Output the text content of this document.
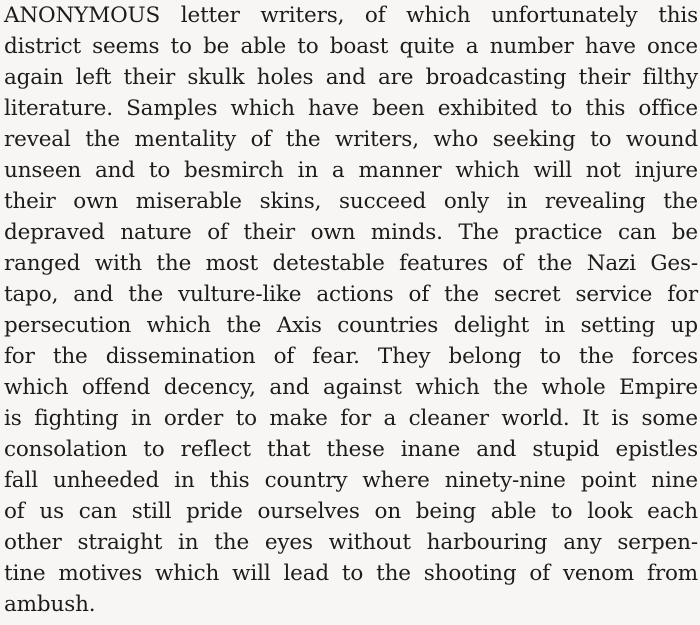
ANONYMOUS letter writers, of which unfortunately this
district seems to be able to boast quite a number have once
again left their skulk holes and are broadcasting their filthy
literature. Samples which have been exhibited to this office
reveal the mentality of the writers, who seeking to wound
unseen and to besmirch in a manner which will not injure
their own miserable skins, succeed only in revealing the
depraved nature of their own minds. The practice can be
ranged with the most detestable features of the Nazi Ges-
tapo, and the vulture-like actions of the secret service for
persecution which the Axis countries delight in setting up
for the dissemination of fear. They belong to the forces
which offend decency, and against which the whole Empire
is fighting in order to make for a cleaner world. It is some
consolation to reflect that these inane and stupid epistles
fall unheeded in this country where ninety-nine point nine
of us can still pride ourselves on being able to look each
other straight in the eyes without harbouring any serpen-
tine motives which will lead to the shooting of venom from
ambush.
